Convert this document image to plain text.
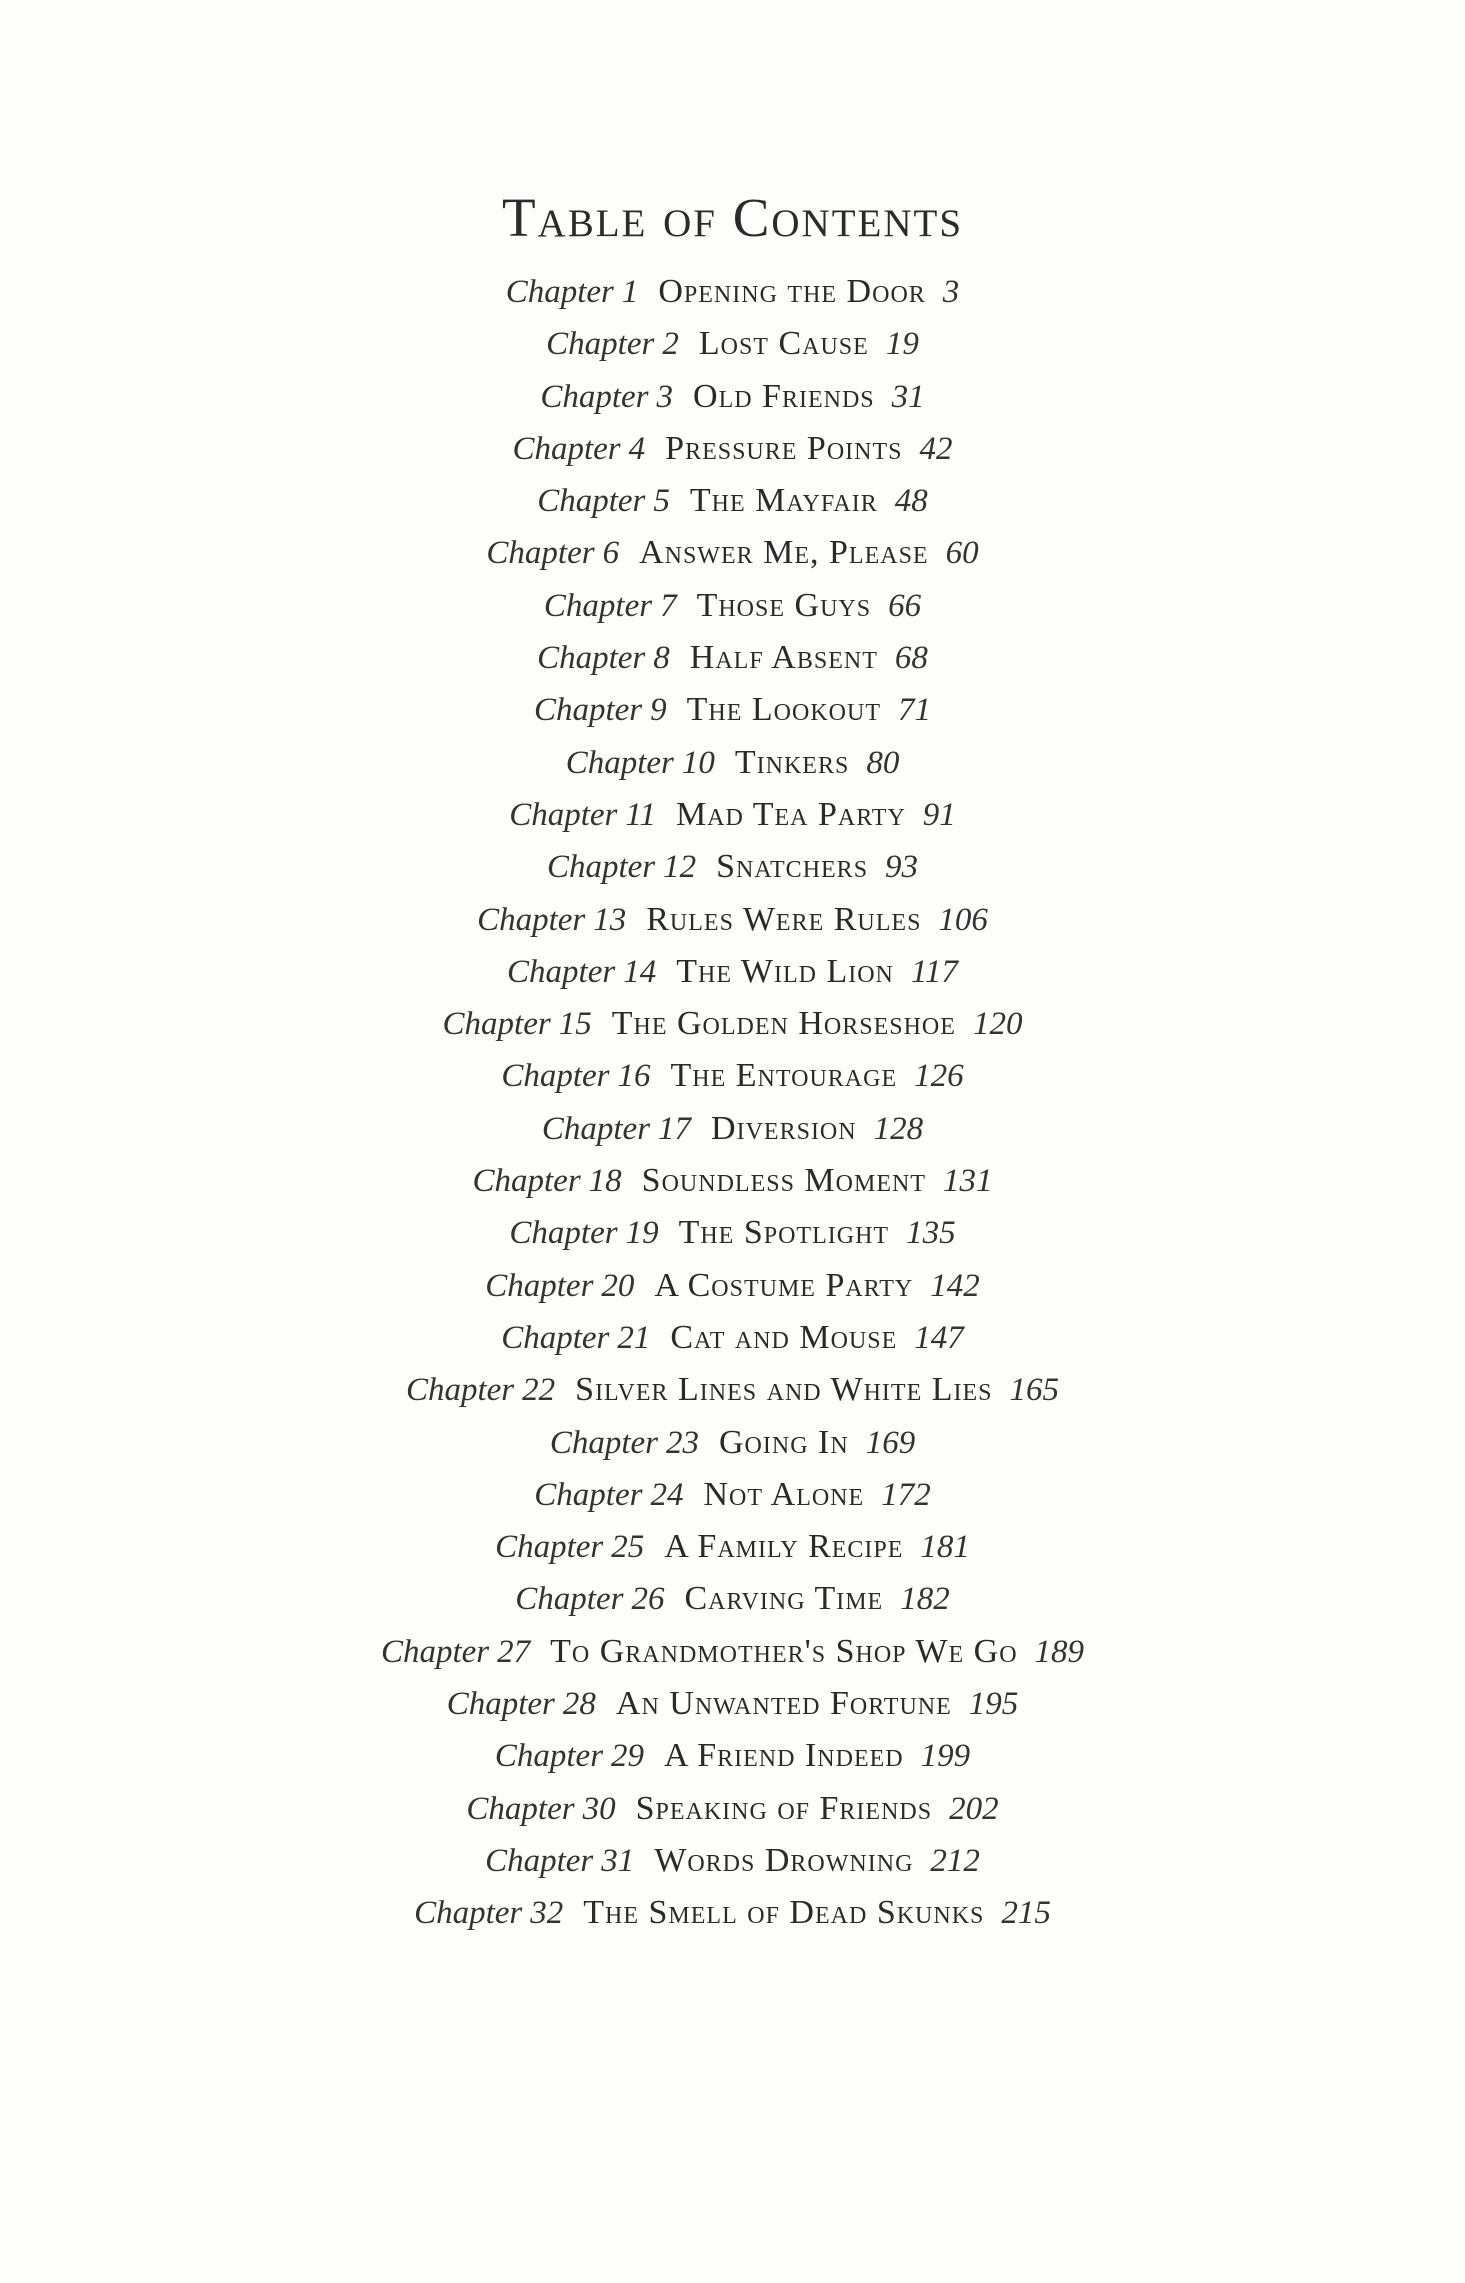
Table of Contents
Chapter 1 Opening the Door 3
Chapter 2 Lost Cause 19
Chapter 3 Old Friends 31
Chapter 4 Pressure Points 42
Chapter 5 The Mayfair 48
Chapter 6 Answer Me, Please 60
Chapter 7 Those Guys 66
Chapter 8 Half Absent 68
Chapter 9 The Lookout 71
Chapter 10 Tinkers 80
Chapter 11 Mad Tea Party 91
Chapter 12 Snatchers 93
Chapter 13 Rules Were Rules 106
Chapter 14 The Wild Lion 117
Chapter 15 The Golden Horseshoe 120
Chapter 16 The Entourage 126
Chapter 17 Diversion 128
Chapter 18 Soundless Moment 131
Chapter 19 The Spotlight 135
Chapter 20 A Costume Party 142
Chapter 21 Cat and Mouse 147
Chapter 22 Silver Lines and White Lies 165
Chapter 23 Going In 169
Chapter 24 Not Alone 172
Chapter 25 A Family Recipe 181
Chapter 26 Carving Time 182
Chapter 27 To Grandmother's Shop We Go 189
Chapter 28 An Unwanted Fortune 195
Chapter 29 A Friend Indeed 199
Chapter 30 Speaking of Friends 202
Chapter 31 Words Drowning 212
Chapter 32 The Smell of Dead Skunks 215
